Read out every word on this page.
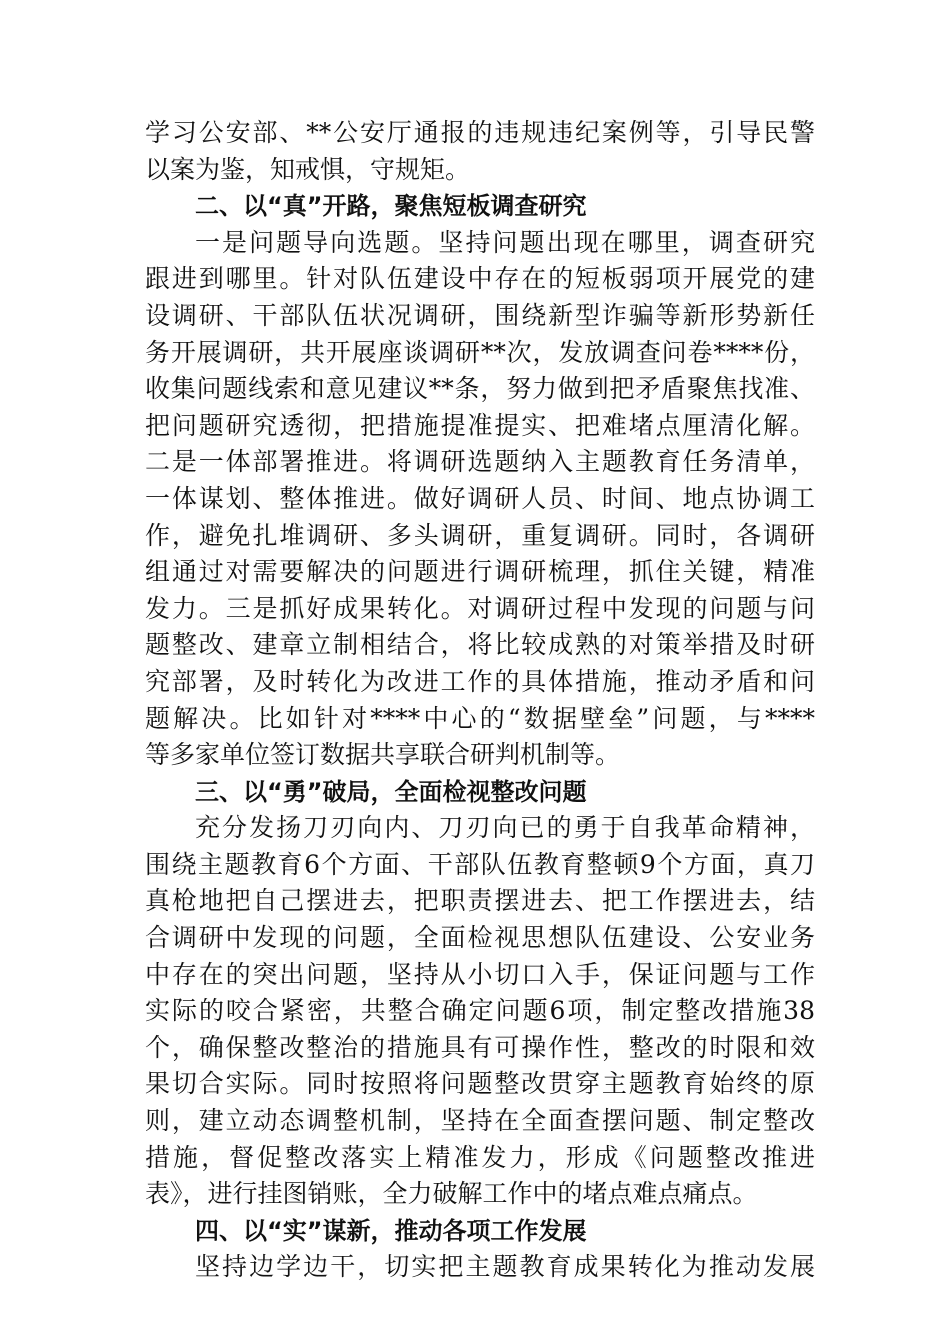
学习公安部、**公安厅通报的违规违纪案例等，引导民警
以案为鉴，知戒惧，守规矩。
二、以“真”开路，聚焦短板调查研究
一是问题导向选题。坚持问题出现在哪里，调查研究
跟进到哪里。针对队伍建设中存在的短板弱项开展党的建
设调研、干部队伍状况调研，围绕新型诈骗等新形势新任
务开展调研，共开展座谈调研**次，发放调查问卷****份，
收集问题线索和意见建议**条，努力做到把矛盾聚焦找准、
把问题研究透彻，把措施提准提实、把难堵点厘清化解。
二是一体部署推进。将调研选题纳入主题教育任务清单，
一体谋划、整体推进。做好调研人员、时间、地点协调工
作，避免扎堆调研、多头调研，重复调研。同时，各调研
组通过对需要解决的问题进行调研梳理，抓住关键，精准
发力。三是抓好成果转化。对调研过程中发现的问题与问
题整改、建章立制相结合，将比较成熟的对策举措及时研
究部署，及时转化为改进工作的具体措施，推动矛盾和问
题解决。比如针对****中心的“数据壁垒”问题，与****
等多家单位签订数据共享联合研判机制等。
三、以“勇”破局，全面检视整改问题
充分发扬刀刃向内、刀刃向已的勇于自我革命精神，
围绕主题教育6个方面、干部队伍教育整顿9个方面，真刀
真枪地把自己摆进去，把职责摆进去、把工作摆进去，结
合调研中发现的问题，全面检视思想队伍建设、公安业务
中存在的突出问题，坚持从小切口入手，保证问题与工作
实际的咬合紧密，共整合确定问题6项，制定整改措施38
个，确保整改整治的措施具有可操作性，整改的时限和效
果切合实际。同时按照将问题整改贯穿主题教育始终的原
则，建立动态调整机制，坚持在全面查摆问题、制定整改
措施，督促整改落实上精准发力，形成《问题整改推进
表》，进行挂图销账，全力破解工作中的堵点难点痛点。
四、以“实”谋新，推动各项工作发展
坚持边学边干，切实把主题教育成果转化为推动发展
